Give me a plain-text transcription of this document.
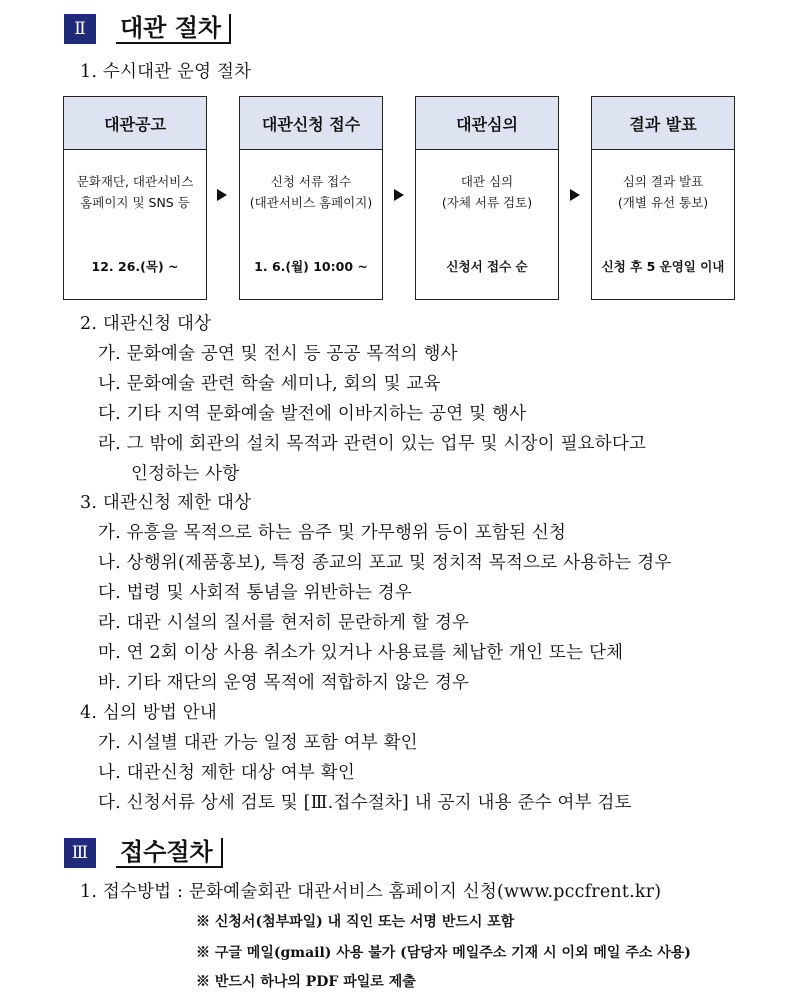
Ⅱ	대관 절차
1. 수시대관 운영 절차
대관공고
문화재단, 대관서비스
홈페이지 및 SNS 등
12. 26.(목) ~
대관신청 접수
신청 서류 접수
(대관서비스 홈페이지)
1. 6.(월) 10:00 ~
대관심의
대관 심의
(자체 서류 검토)
신청서 접수 순
결과 발표
심의 결과 발표
(개별 유선 통보)
신청 후 5 운영일 이내
2. 대관신청 대상
가. 문화예술 공연 및 전시 등 공공 목적의 행사
나. 문화예술 관련 학술 세미나, 회의 및 교육
다. 기타 지역 문화예술 발전에 이바지하는 공연 및 행사
라. 그 밖에 회관의 설치 목적과 관련이 있는 업무 및 시장이 필요하다고
인정하는 사항
3. 대관신청 제한 대상
가. 유흥을 목적으로 하는 음주 및 가무행위 등이 포함된 신청
나. 상행위(제품홍보), 특정 종교의 포교 및 정치적 목적으로 사용하는 경우
다. 법령 및 사회적 통념을 위반하는 경우
라. 대관 시설의 질서를 현저히 문란하게 할 경우
마. 연 2회 이상 사용 취소가 있거나 사용료를 체납한 개인 또는 단체
바. 기타 재단의 운영 목적에 적합하지 않은 경우
4. 심의 방법 안내
가. 시설별 대관 가능 일정 포함 여부 확인
나. 대관신청 제한 대상 여부 확인
다. 신청서류 상세 검토 및 [Ⅲ.접수절차] 내 공지 내용 준수 여부 검토
Ⅲ	접수절차
1. 접수방법 : 문화예술회관 대관서비스 홈페이지 신청(www.pccfrent.kr)
※ 신청서(첨부파일) 내 직인 또는 서명 반드시 포함
※ 구글 메일(gmail) 사용 불가 (담당자 메일주소 기재 시 이외 메일 주소 사용)
※ 반드시 하나의 PDF 파일로 제출
